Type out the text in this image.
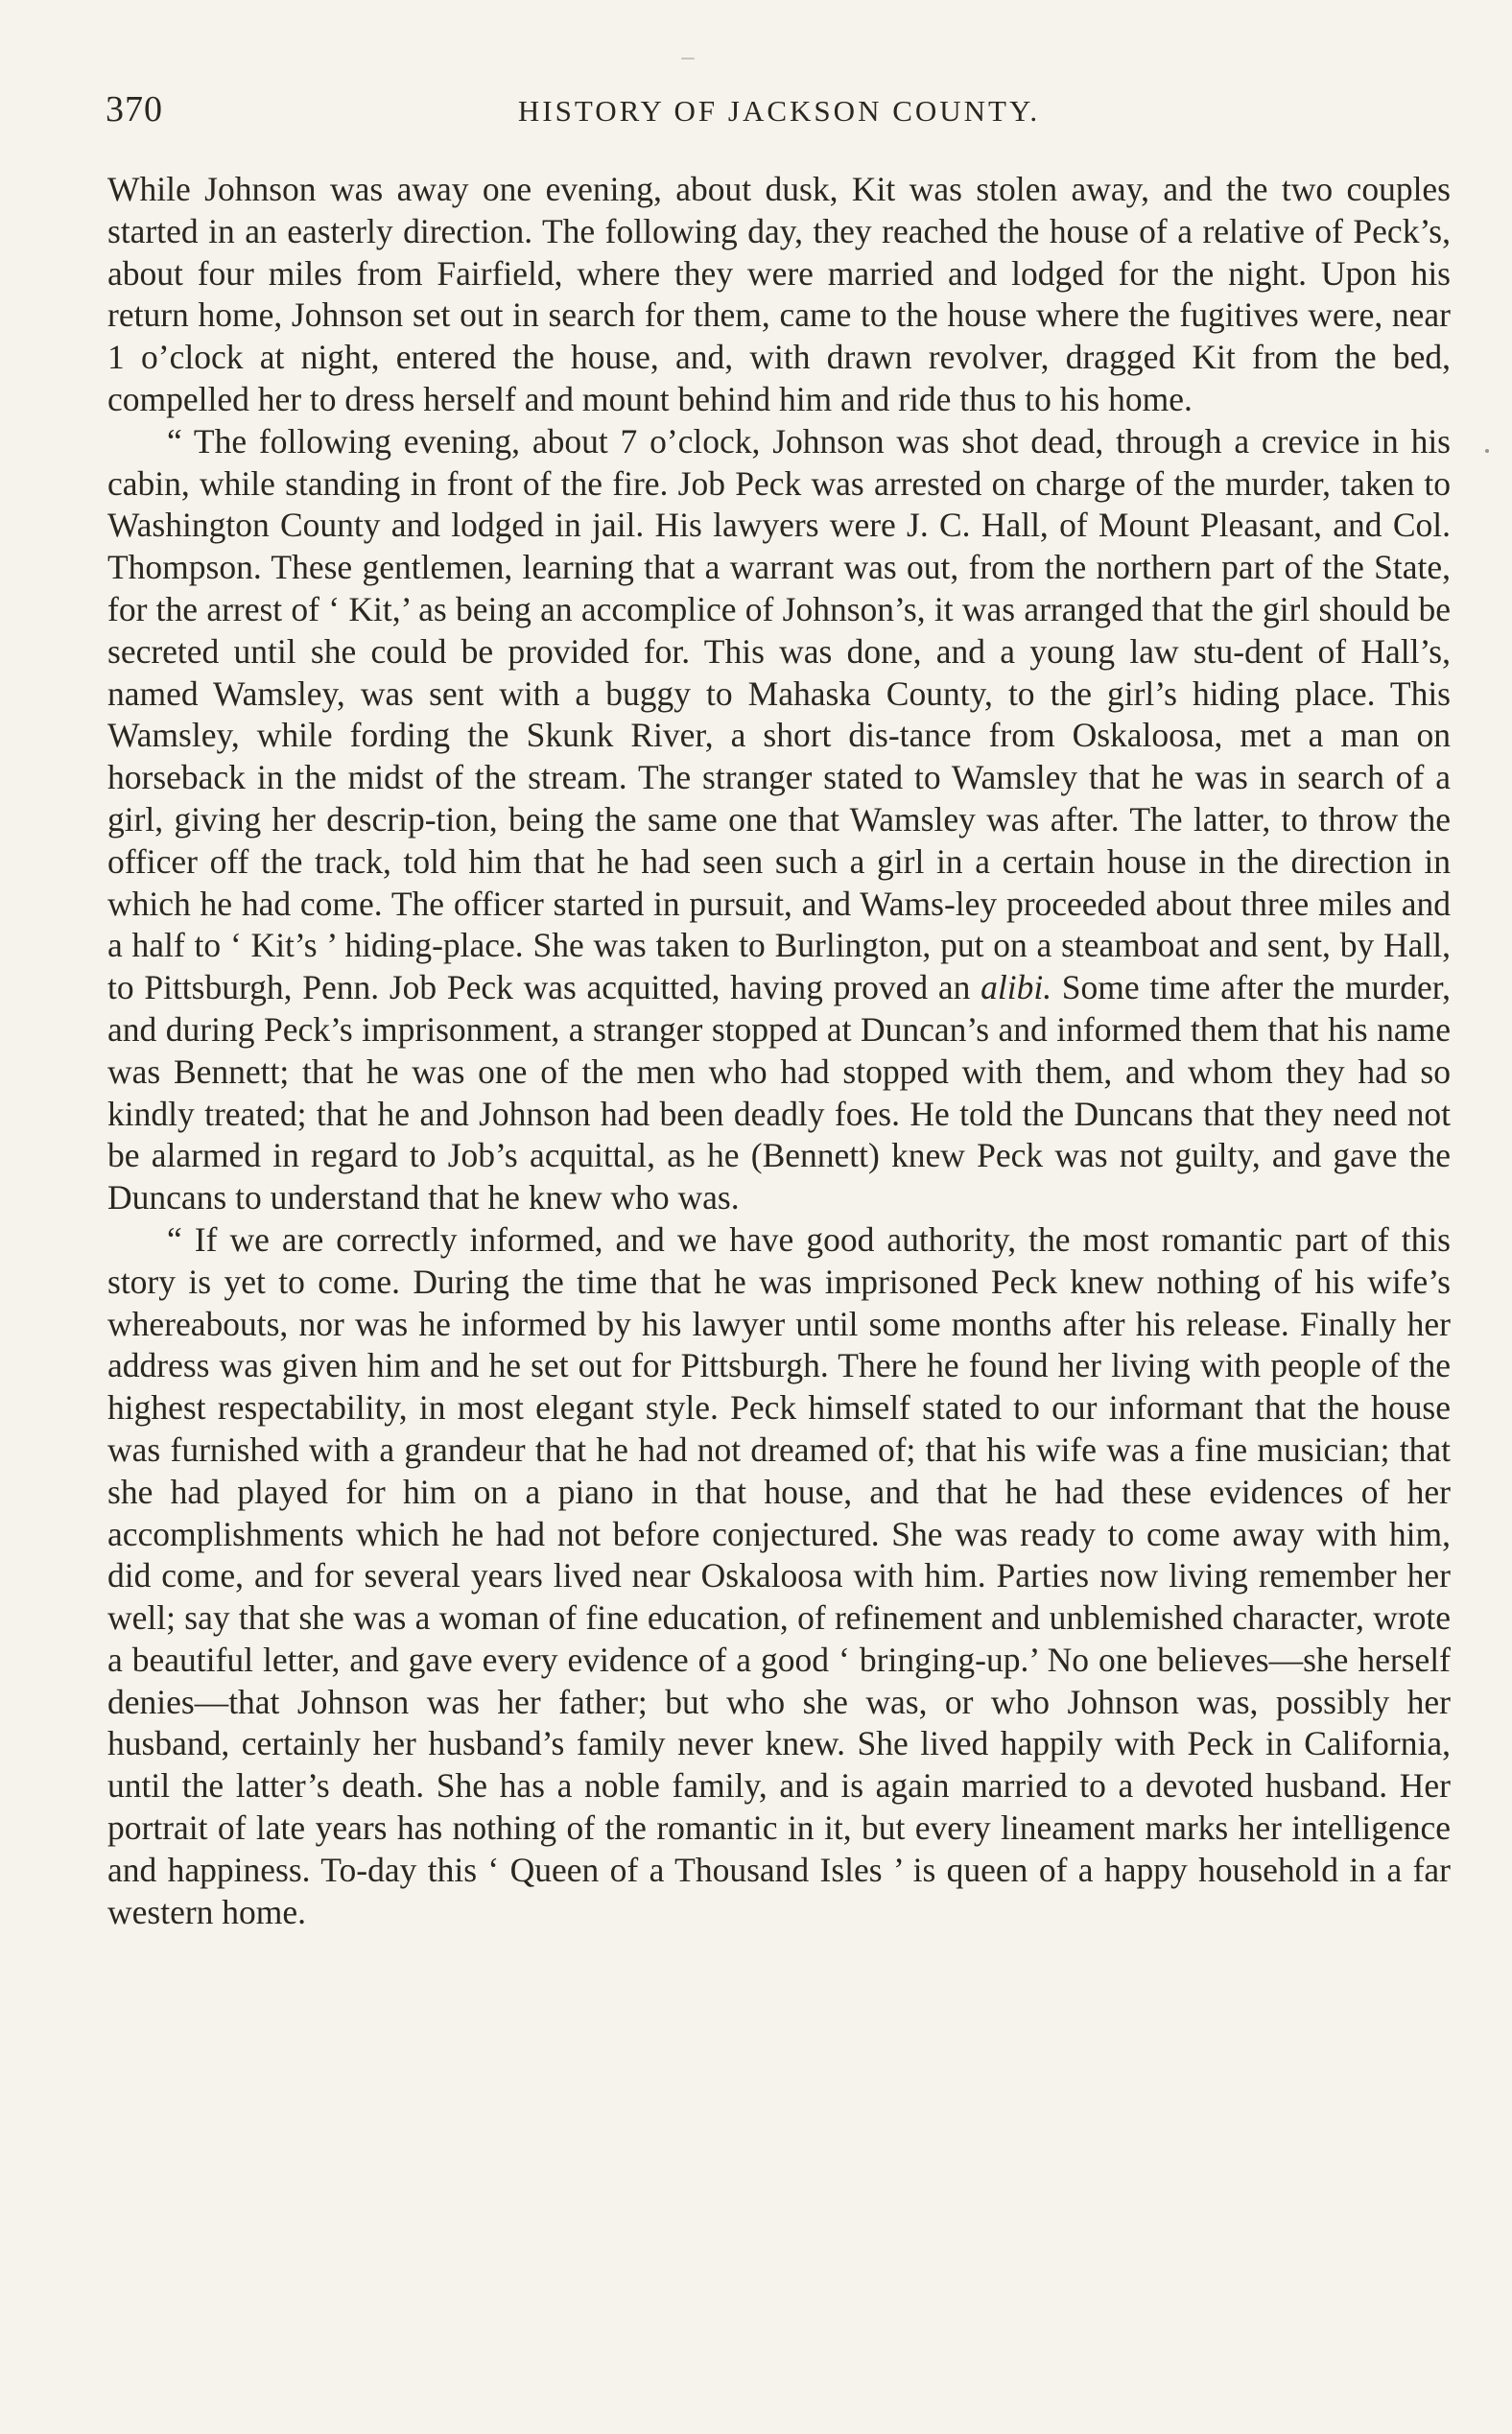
370	HISTORY OF JACKSON COUNTY.

While Johnson was away one evening, about dusk, Kit was stolen away, and the two couples started in an easterly direction. The following day, they reached the house of a relative of Peck’s, about four miles from Fairfield, where they were married and lodged for the night. Upon his return home, Johnson set out in search for them, came to the house where the fugitives were, near 1 o’clock at night, entered the house, and, with drawn revolver, dragged Kit from the bed, compelled her to dress herself and mount behind him and ride thus to his home.

“ The following evening, about 7 o’clock, Johnson was shot dead, through a crevice in his cabin, while standing in front of the fire. Job Peck was arrested on charge of the murder, taken to Washington County and lodged in jail. His lawyers were J. C. Hall, of Mount Pleasant, and Col. Thompson. These gentlemen, learning that a warrant was out, from the northern part of the State, for the arrest of ‘ Kit,’ as being an accomplice of Johnson’s, it was arranged that the girl should be secreted until she could be provided for. This was done, and a young law stu-dent of Hall’s, named Wamsley, was sent with a buggy to Mahaska County, to the girl’s hiding place. This Wamsley, while fording the Skunk River, a short dis-tance from Oskaloosa, met a man on horseback in the midst of the stream. The stranger stated to Wamsley that he was in search of a girl, giving her descrip-tion, being the same one that Wamsley was after. The latter, to throw the officer off the track, told him that he had seen such a girl in a certain house in the direction in which he had come. The officer started in pursuit, and Wams-ley proceeded about three miles and a half to ‘ Kit’s ’ hiding-place. She was taken to Burlington, put on a steamboat and sent, by Hall, to Pittsburgh, Penn. Job Peck was acquitted, having proved an alibi. Some time after the murder, and during Peck’s imprisonment, a stranger stopped at Duncan’s and informed them that his name was Bennett; that he was one of the men who had stopped with them, and whom they had so kindly treated; that he and Johnson had been deadly foes. He told the Duncans that they need not be alarmed in regard to Job’s acquittal, as he (Bennett) knew Peck was not guilty, and gave the Duncans to understand that he knew who was.

“ If we are correctly informed, and we have good authority, the most romantic part of this story is yet to come. During the time that he was imprisoned Peck knew nothing of his wife’s whereabouts, nor was he informed by his lawyer until some months after his release. Finally her address was given him and he set out for Pittsburgh. There he found her living with people of the highest respectability, in most elegant style. Peck himself stated to our informant that the house was furnished with a grandeur that he had not dreamed of; that his wife was a fine musician; that she had played for him on a piano in that house, and that he had these evidences of her accomplishments which he had not before conjectured. She was ready to come away with him, did come, and for several years lived near Oskaloosa with him. Parties now living remember her well; say that she was a woman of fine education, of refinement and unblemished character, wrote a beautiful letter, and gave every evidence of a good ‘ bringing-up.’ No one believes—she herself denies—that Johnson was her father; but who she was, or who Johnson was, possibly her husband, certainly her husband’s family never knew. She lived happily with Peck in California, until the latter’s death. She has a noble family, and is again married to a devoted husband. Her portrait of late years has nothing of the romantic in it, but every lineament marks her intelligence and happiness. To-day this ‘ Queen of a Thousand Isles ’ is queen of a happy household in a far western home.
